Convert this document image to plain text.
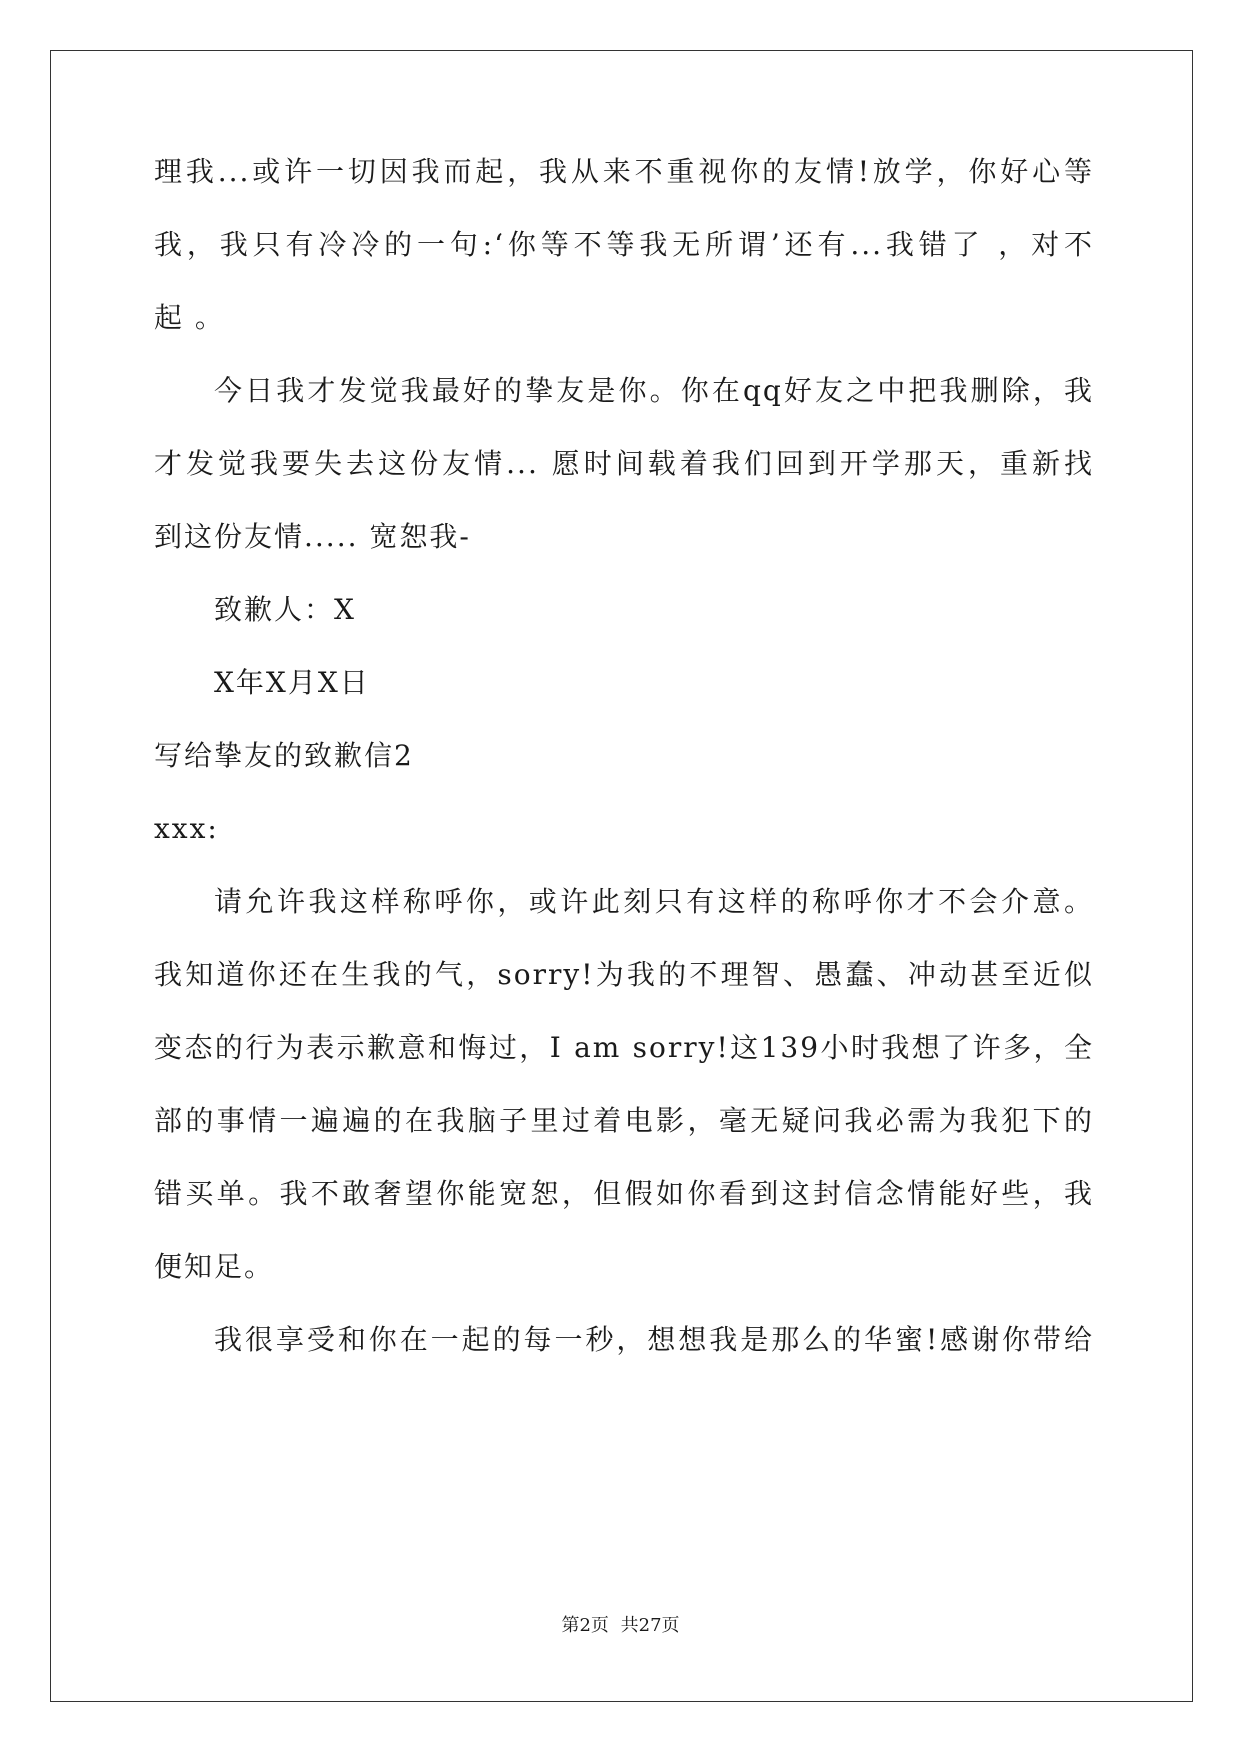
理我...或许一切因我而起，我从来不重视你的友情!放学，你好心等
我，我只有冷冷的一句:‘你等不等我无所谓’还有...我错了 ，对不
起 。
今日我才发觉我最好的挚友是你。你在qq好友之中把我删除，我
才发觉我要失去这份友情... 愿时间载着我们回到开学那天，重新找
到这份友情..... 宽恕我-
致歉人：X
X年X月X日
写给挚友的致歉信2
xxx:
请允许我这样称呼你，或许此刻只有这样的称呼你才不会介意。
我知道你还在生我的气，sorry!为我的不理智、愚蠢、冲动甚至近似
变态的行为表示歉意和悔过，I am sorry!这139小时我想了许多，全
部的事情一遍遍的在我脑子里过着电影，毫无疑问我必需为我犯下的
错买单。我不敢奢望你能宽恕，但假如你看到这封信念情能好些，我
便知足。
我很享受和你在一起的每一秒，想想我是那么的华蜜!感谢你带给
第2页 共27页
